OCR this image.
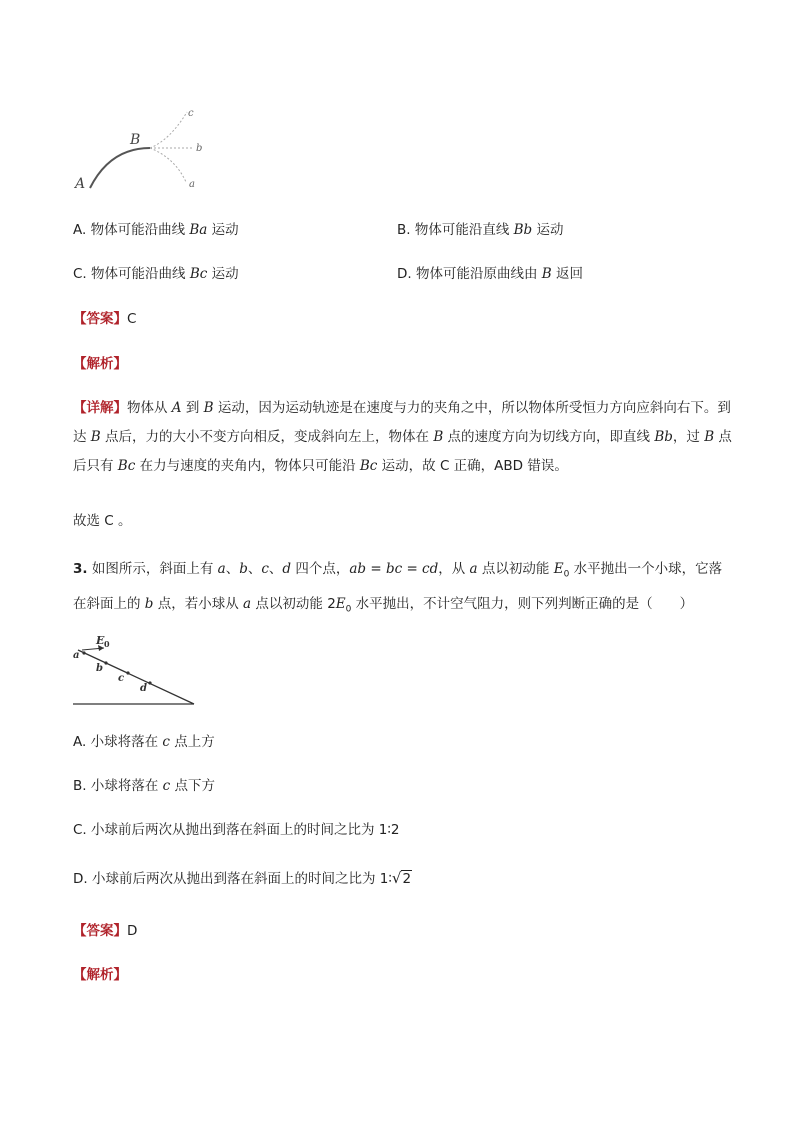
A
B
c
b
a
A. 物体可能沿曲线 Ba 运动	B. 物体可能沿直线 Bb 运动
C. 物体可能沿曲线 Bc 运动	D. 物体可能沿原曲线由 B 返回
【答案】C
【解析】
【详解】物体从 A 到 B 运动，因为运动轨迹是在速度与力的夹角之中，所以物体所受恒力方向应斜向右下。到达 B 点后，力的大小不变方向相反，变成斜向左上，物体在 B 点的速度方向为切线方向，即直线 Bb，过 B 点后只有 Bc 在力与速度的夹角内，物体只可能沿 Bc 运动，故 C 正确，ABD 错误。
故选 C 。
3. 如图所示，斜面上有 a、b、c、d 四个点，ab = bc = cd，从 a 点以初动能 $E_0$ 水平抛出一个小球，它落在斜面上的 b 点，若小球从 a 点以初动能 $2E_0$ 水平抛出，不计空气阻力，则下列判断正确的是（　　）
E 0
a
b
c
d
A. 小球将落在 c 点上方
B. 小球将落在 c 点下方
C. 小球前后两次从抛出到落在斜面上的时间之比为 1∶2
D. 小球前后两次从抛出到落在斜面上的时间之比为 1∶√2
【答案】D
【解析】
